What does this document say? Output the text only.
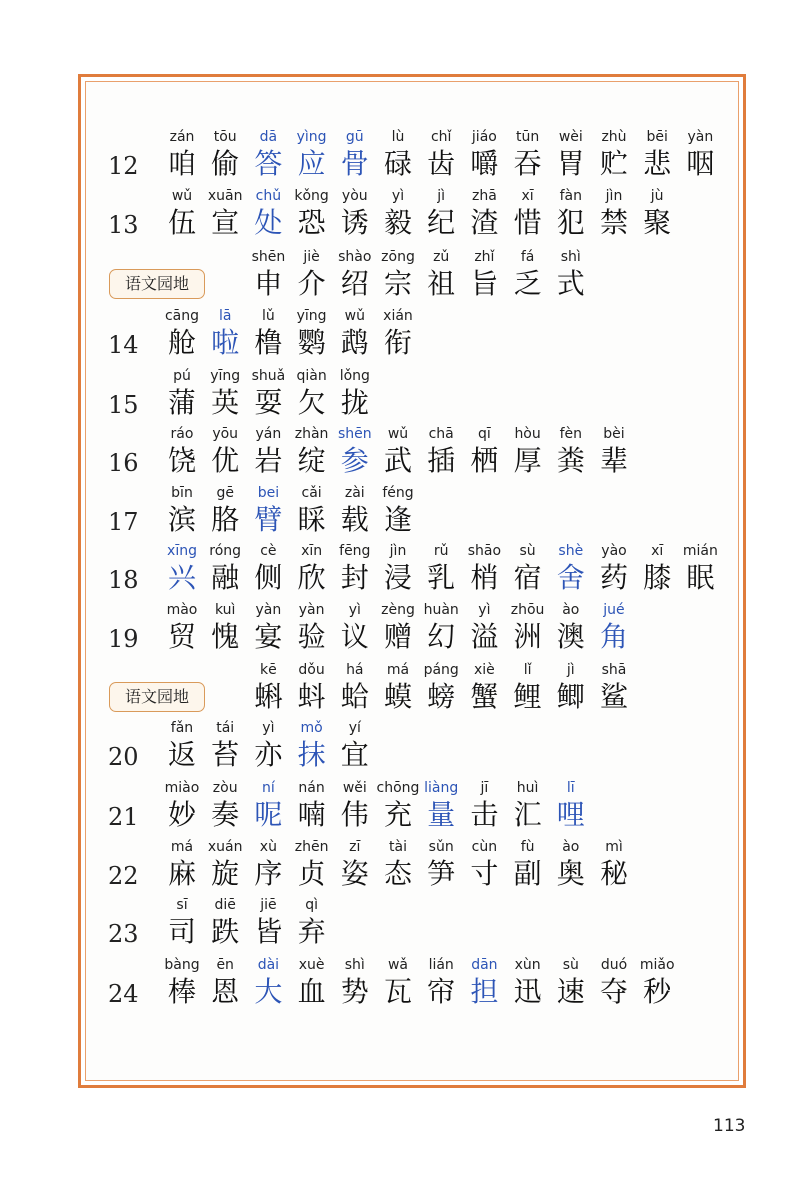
12
zán
咱
tōu
偷
dā
答
yìng
应
gū
骨
lù
碌
chǐ
齿
jiáo
嚼
tūn
吞
wèi
胃
zhù
贮
bēi
悲
yàn
咽
13
wǔ
伍
xuān
宣
chǔ
处
kǒng
恐
yòu
诱
yì
毅
jì
纪
zhā
渣
xī
惜
fàn
犯
jìn
禁
jù
聚
语文园地
shēn
申
jiè
介
shào
绍
zōng
宗
zǔ
祖
zhǐ
旨
fá
乏
shì
式
14
cāng
舱
lā
啦
lǔ
橹
yīng
鹦
wǔ
鹉
xián
衔
15
pú
蒲
yīng
英
shuǎ
耍
qiàn
欠
lǒng
拢
16
ráo
饶
yōu
优
yán
岩
zhàn
绽
shēn
参
wǔ
武
chā
插
qī
栖
hòu
厚
fèn
粪
bèi
辈
17
bīn
滨
gē
胳
bei
臂
cǎi
睬
zài
载
féng
逢
18
xīng
兴
róng
融
cè
侧
xīn
欣
fēng
封
jìn
浸
rǔ
乳
shāo
梢
sù
宿
shè
舍
yào
药
xī
膝
mián
眠
19
mào
贸
kuì
愧
yàn
宴
yàn
验
yì
议
zèng
赠
huàn
幻
yì
溢
zhōu
洲
ào
澳
jué
角
语文园地
kē
蝌
dǒu
蚪
há
蛤
má
蟆
páng
螃
xiè
蟹
lǐ
鲤
jì
鲫
shā
鲨
20
fǎn
返
tái
苔
yì
亦
mǒ
抹
yí
宜
21
miào
妙
zòu
奏
ní
呢
nán
喃
wěi
伟
chōng
充
liàng
量
jī
击
huì
汇
lī
哩
22
má
麻
xuán
旋
xù
序
zhēn
贞
zī
姿
tài
态
sǔn
笋
cùn
寸
fù
副
ào
奥
mì
秘
23
sī
司
diē
跌
jiē
皆
qì
弃
24
bàng
棒
ēn
恩
dài
大
xuè
血
shì
势
wǎ
瓦
lián
帘
dān
担
xùn
迅
sù
速
duó
夺
miǎo
秒
113
